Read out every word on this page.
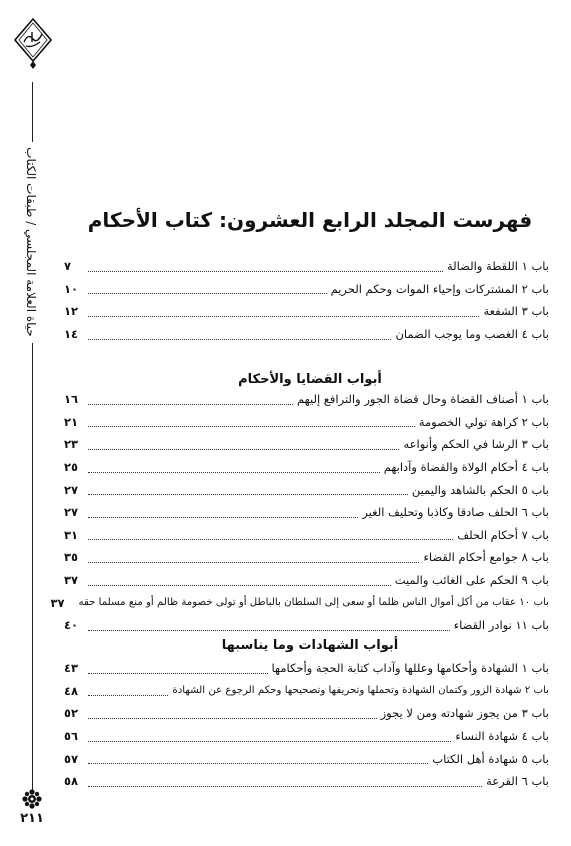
حياة العلامة المجلسي / طبقات الكتاب
٢١١
فهرست المجلد الرابع العشرون: كتاب الأحكام
باب ١ اللقطة والضالة
٧
باب ٢ المشتركات وإحياء الموات وحكم الحريم
١٠
باب ٣ الشفعة
١٢
باب ٤ الغصب وما يوجب الضمان
١٤
أبواب القضايا والأحكام
باب ١ أصناف القضاة وحال قضاة الجور والترافع إليهم
١٦
باب ٢ كراهة تولي الخصومة
٢١
باب ٣ الرشا في الحكم وأنواعه
٢٣
باب ٤ أحكام الولاة والقضاة وآدابهم
٢٥
باب ٥ الحكم بالشاهد واليمين
٢٧
باب ٦ الحلف صادقا وكاذبا وتحليف الغير
٢٧
باب ٧ أحكام الحلف
٣١
باب ٨ جوامع أحكام القضاء
٣٥
باب ٩ الحكم على الغائب والميت
٣٧
باب ١٠ عقاب من أكل أموال الناس ظلما أو سعى إلى السلطان بالباطل أو تولى خصومة ظالم أو منع مسلما حقه
٣٧
باب ١١ نوادر القضاء
٤٠
أبواب الشهادات وما يناسبها
باب ١ الشهادة وأحكامها وعللها وآداب كتابة الحجة وأحكامها
٤٣
باب ٢ شهادة الزور وكتمان الشهادة وتحملها وتحريفها وتصحيحها وحكم الرجوع عن الشهادة
٤٨
باب ٣ من يجوز شهادته ومن لا يجوز
٥٢
باب ٤ شهادة النساء
٥٦
باب ٥ شهادة أهل الكتاب
٥٧
باب ٦ القرعة
٥٨
